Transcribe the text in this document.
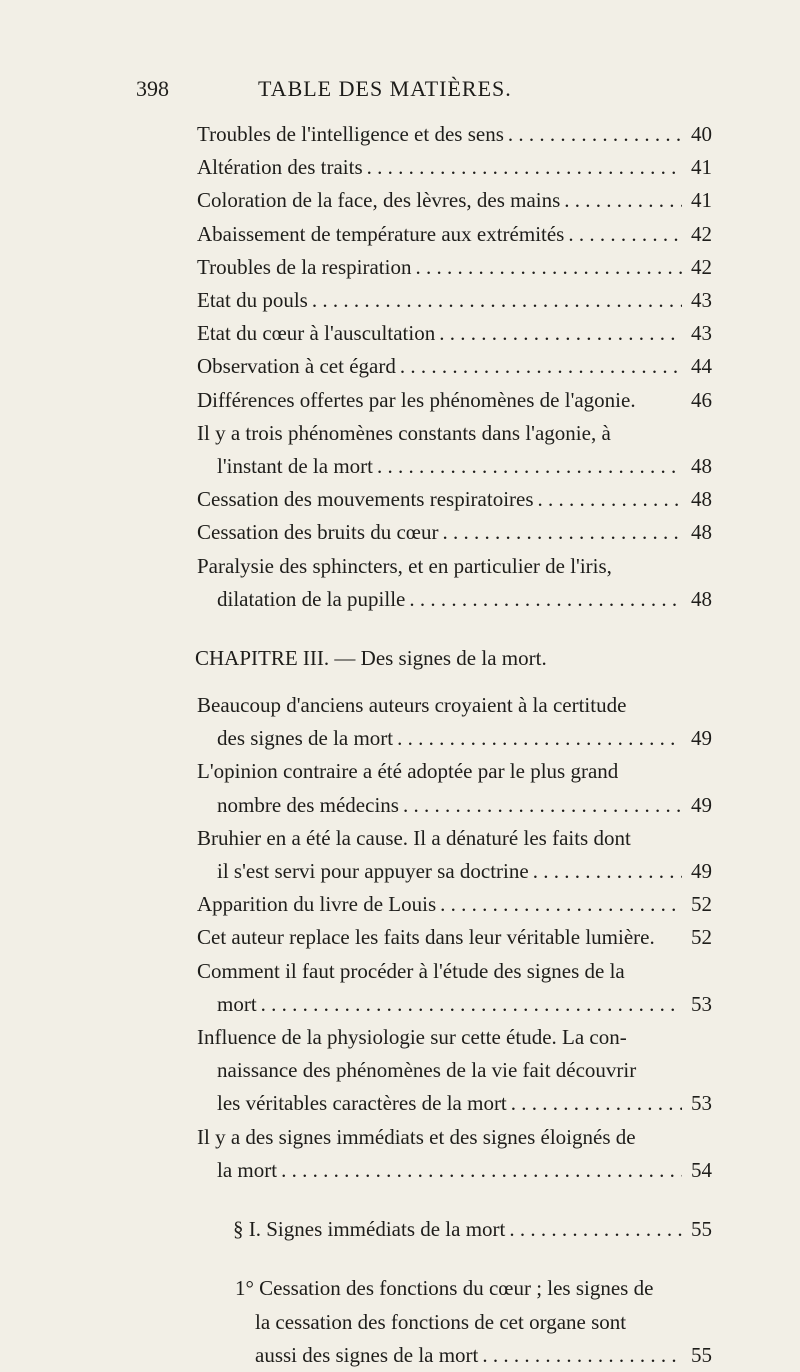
398	TABLE DES MATIÈRES.
Troubles de l'intelligence et des sens . . .	40
Altération des traits . . .	41
Coloration de la face, des lèvres, des mains . . .	41
Abaissement de température aux extrémités . . .	42
Troubles de la respiration . . .	42
Etat du pouls . . .	43
Etat du cœur à l'auscultation . . .	43
Observation à cet égard . . .	44
Différences offertes par les phénomènes de l'agonie.	46
Il y a trois phénomènes constants dans l'agonie, à
l'instant de la mort . . .	48
Cessation des mouvements respiratoires . . .	48
Cessation des bruits du cœur . . .	48
Paralysie des sphincters, et en particulier de l'iris,
dilatation de la pupille . . .	48
CHAPITRE III. — Des signes de la mort.
Beaucoup d'anciens auteurs croyaient à la certitude
des signes de la mort . . .	49
L'opinion contraire a été adoptée par le plus grand
nombre des médecins . . .	49
Bruhier en a été la cause. Il a dénaturé les faits dont
il s'est servi pour appuyer sa doctrine . . .	49
Apparition du livre de Louis . . .	52
Cet auteur replace les faits dans leur véritable lumière. 52
Comment il faut procéder à l'étude des signes de la
mort . . .	53
Influence de la physiologie sur cette étude. La con-
naissance des phénomènes de la vie fait découvrir
les véritables caractères de la mort . . .	53
Il y a des signes immédiats et des signes éloignés de
la mort . . .	54
§ I. Signes immédiats de la mort . . .	55
1° Cessation des fonctions du cœur ; les signes de
la cessation des fonctions de cet organe sont
aussi des signes de la mort . . .	55
